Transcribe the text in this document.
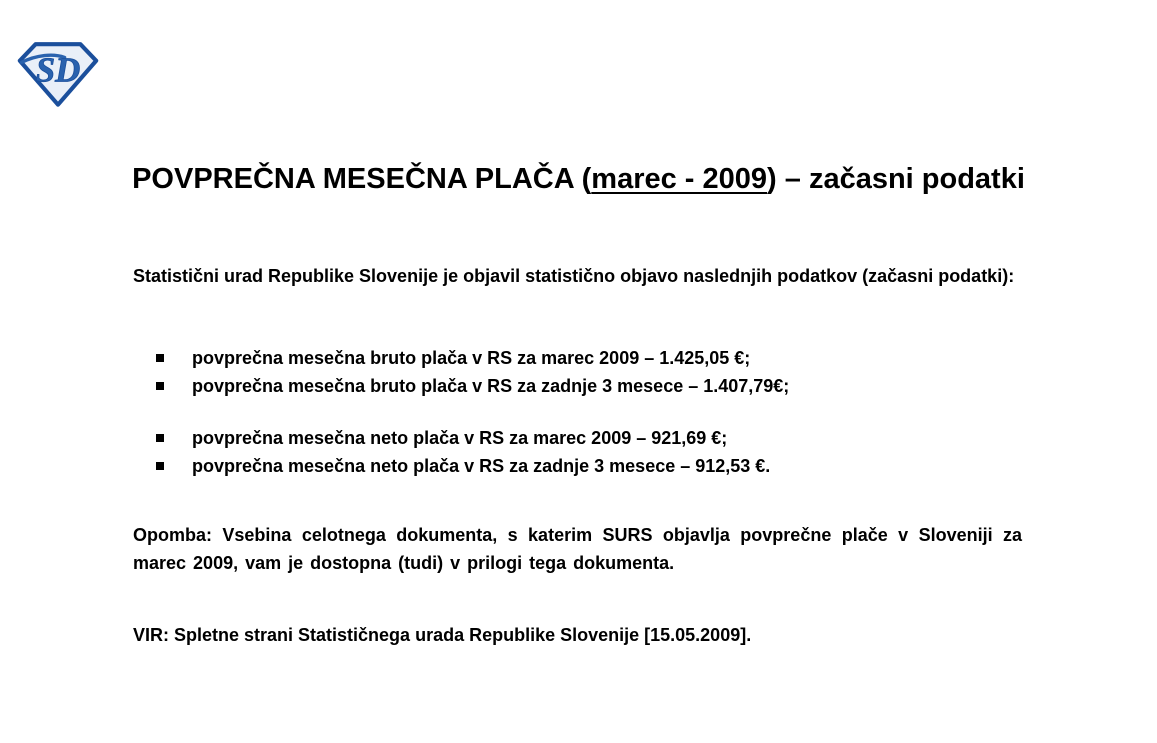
SD
POVPREČNA MESEČNA PLAČA (marec - 2009) – začasni podatki

Statistični urad Republike Slovenije je objavil statistično objavo naslednjih podatkov (začasni podatki):

povprečna mesečna bruto plača v RS za marec 2009 – 1.425,05 €;
povprečna mesečna bruto plača v RS za zadnje 3 mesece – 1.407,79€;
povprečna mesečna neto plača v RS za marec 2009 – 921,69 €;
povprečna mesečna neto plača v RS za zadnje 3 mesece – 912,53 €.

Opomba: Vsebina celotnega dokumenta, s katerim SURS objavlja povprečne plače v Sloveniji za marec 2009, vam je dostopna (tudi) v prilogi tega dokumenta.

VIR: Spletne strani Statističnega urada Republike Slovenije [15.05.2009].
